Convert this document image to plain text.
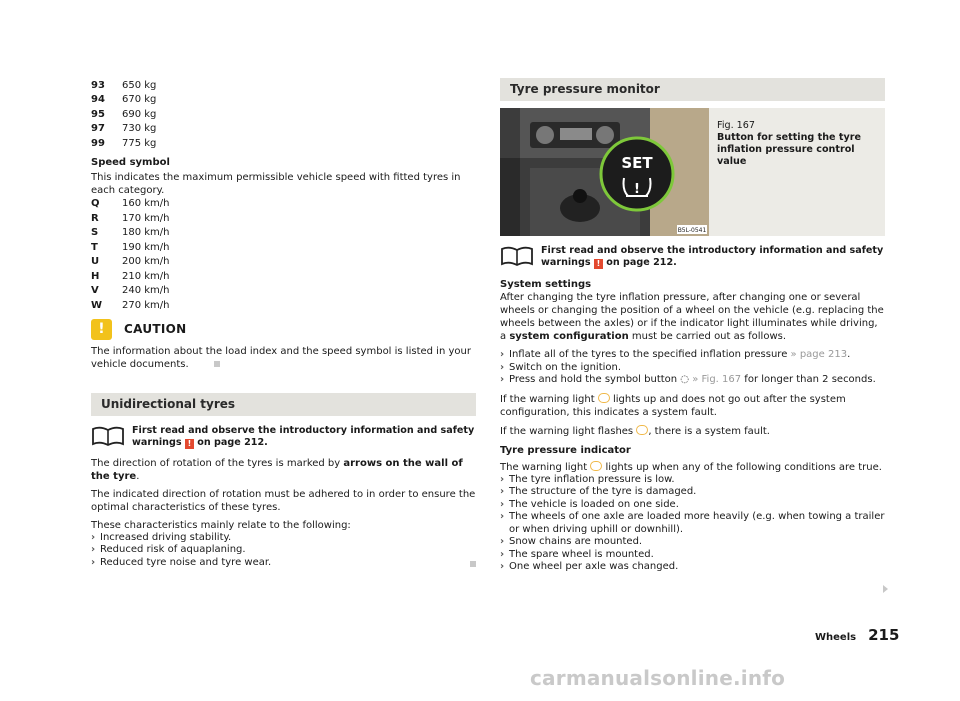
93	650 kg
94	670 kg
95	690 kg
97	730 kg
99	775 kg
Speed symbol

This indicates the maximum permissible vehicle speed with fitted tyres in each category.

Q	160 km/h
R	170 km/h
S	180 km/h
T	190 km/h
U	200 km/h
H	210 km/h
V	240 km/h
W	270 km/h
!	CAUTION

The information about the load index and the speed symbol is listed in your vehicle documents.

Unidirectional tyres
First read and observe the introductory information and safety warnings ! on page 212.

The direction of rotation of the tyres is marked by arrows on the wall of the tyre.

The indicated direction of rotation must be adhered to in order to ensure the optimal characteristics of these tyres.

These characteristics mainly relate to the following:

› Increased driving stability.
› Reduced risk of aquaplaning.
› Reduced tyre noise and tyre wear.
Tyre pressure monitor
SET
!
B5L-0541
Fig. 167
Button for setting the tyre inflation pressure control value
First read and observe the introductory information and safety warnings ! on page 212.
System settings

After changing the tyre inflation pressure, after changing one or several wheels or changing the position of a wheel on the vehicle (e.g. replacing the wheels between the axles) or if the indicator light illuminates while driving, a system configuration must be carried out as follows.

› Inflate all of the tyres to the specified inflation pressure » page 213.
› Switch on the ignition.
› Press and hold the symbol button ◌ » Fig. 167 for longer than 2 seconds.

If the warning light  lights up and does not go out after the system configuration, this indicates a system fault.

If the warning light flashes , there is a system fault.

Tyre pressure indicator

The warning light  lights up when any of the following conditions are true.

› The tyre inflation pressure is low.
› The structure of the tyre is damaged.
› The vehicle is loaded on one side.
› The wheels of one axle are loaded more heavily (e.g. when towing a trailer or when driving uphill or downhill).
› Snow chains are mounted.
› The spare wheel is mounted.
› One wheel per axle was changed.
Wheels 215
carmanualsonline.info
